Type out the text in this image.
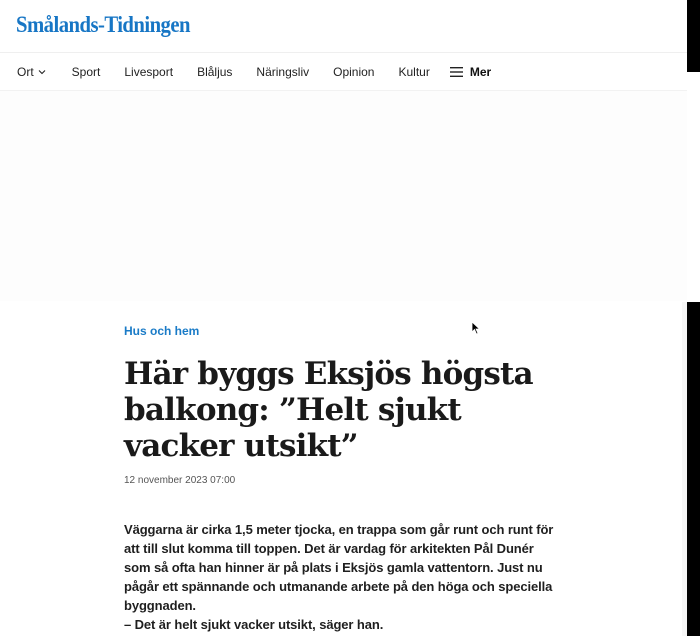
Smålands-Tidningen
Ort	Sport Livesport Blåljus Näringsliv Opinion Kultur	Mer
Hus och hem
Här byggs Eksjös högsta balkong: ”Helt sjukt vacker utsikt”
12 november 2023 07:00

Väggarna är cirka 1,5 meter tjocka, en trappa som går runt och runt för att till slut komma till toppen. Det är vardag för arkitekten Pål Dunér som så ofta han hinner är på plats i Eksjös gamla vattentorn. Just nu pågår ett spännande och utmanande arbete på den höga och speciella byggnaden.

– Det är helt sjukt vacker utsikt, säger han.
